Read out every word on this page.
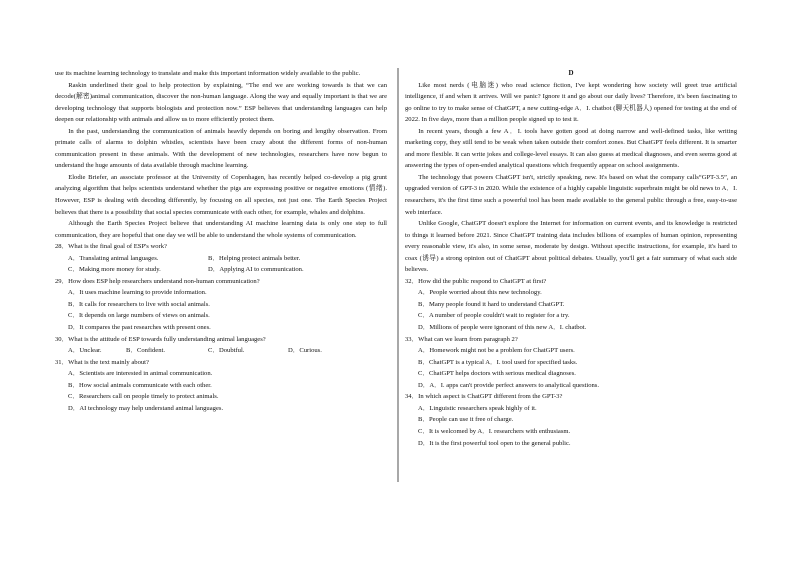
use its machine learning technology to translate and make this important information widely available to the public.

Raskin underlined their goal to help protection by explaining, “The end we are working towards is that we can decode(解密)animal communication, discover the non-human language. Along the way and equally important is that we are developing technology that supports biologists and protection now.” ESP believes that understanding languages can help deepen our relationship with animals and allow us to more efficiently protect them.

In the past, understanding the communication of animals heavily depends on boring and lengthy observation. From primate calls of alarms to dolphin whistles, scientists have been crazy about the different forms of non-human communication present in these animals. With the development of new technologies, researchers have now begun to understand the huge amounts of data available through machine learning.

Elodie Briefer, an associate professor at the University of Copenhagen, has recently helped co-develop a pig grunt analyzing algorithm that helps scientists understand whether the pigs are expressing positive or negative emotions (情绪). However, ESP is dealing with decoding differently, by focusing on all species, not just one. The Earth Species Project believes that there is a possibility that social species communicate with each other, for example, whales and dolphins.

Although the Earth Species Project believe that understanding AI machine learning data is only one step to full communication, they are hopeful that one day we will be able to understand the whole systems of communication.

28．What is the final goal of ESP's work?
A．Translating animal languages.	B．Helping protect animals better.
C．Making more money for study.	D．Applying AI to communication.
29．How does ESP help researchers understand non-human communication?
A．It uses machine learning to provide information.
B．It calls for researchers to live with social animals.
C．It depends on large numbers of views on animals.
D．It compares the past researches with present ones.
30．What is the attitude of ESP towards fully understanding animal languages?
A．Unclear.	B．Confident.	C．Doubtful.	D．Curious.
31．What is the text mainly about?
A．Scientists are interested in animal communication.
B．How social animals communicate with each other.
C．Researchers call on people timely to protect animals.
D．AI technology may help understand animal languages.
D

Like most nerds (电脑迷) who read science fiction, I've kept wondering how society will greet true artificial intelligence, if and when it arrives. Will we panic? Ignore it and go about our daily lives? Therefore, it's been fascinating to go online to try to make sense of ChatGPT, a new cutting-edge A．I. chatbot (聊天机器人) opened for testing at the end of 2022. In five days, more than a million people signed up to test it.

In recent years, though a few A．I. tools have gotten good at doing narrow and well-defined tasks, like writing marketing copy, they still tend to be weak when taken outside their comfort zones. But ChatGPT feels different. It is smarter and more flexible. It can write jokes and college-level essays. It can also guess at medical diagnoses, and even seems good at answering the types of open-ended analytical questions which frequently appear on school assignments.

The technology that powers ChatGPT isn't, strictly speaking, new. It's based on what the company calls“GPT-3.5”, an upgraded version of GPT-3 in 2020. While the existence of a highly capable linguistic superbrain might be old news to A．I. researchers, it's the first time such a powerful tool has been made available to the general public through a free, easy-to-use web interface.

Unlike Google, ChatGPT doesn't explore the Internet for information on current events, and its knowledge is restricted to things it learned before 2021. Since ChatGPT training data includes billions of examples of human opinion, representing every reasonable view, it's also, in some sense, moderate by design. Without specific instructions, for example, it's hard to coax (诱导) a strong opinion out of ChatGPT about political debates. Usually, you'll get a fair summary of what each side believes.

32．How did the public respond to ChatGPT at first?
A．People worried about this new technology.
B．Many people found it hard to understand ChatGPT.
C．A number of people couldn't wait to register for a try.
D．Millions of people were ignorant of this new A．I. chatbot.
33．What can we learn from paragraph 2?
A．Homework might not be a problem for ChatGPT users.
B．ChatGPT is a typical A．I. tool used for specified tasks.
C．ChatGPT helps doctors with serious medical diagnoses.
D．A．I. apps can't provide perfect answers to analytical questions.
34．In which aspect is ChatGPT different from the GPT-3?
A．Linguistic researchers speak highly of it.
B．People can use it free of charge.
C．It is welcomed by A．I. researchers with enthusiasm.
D．It is the first powerful tool open to the general public.
